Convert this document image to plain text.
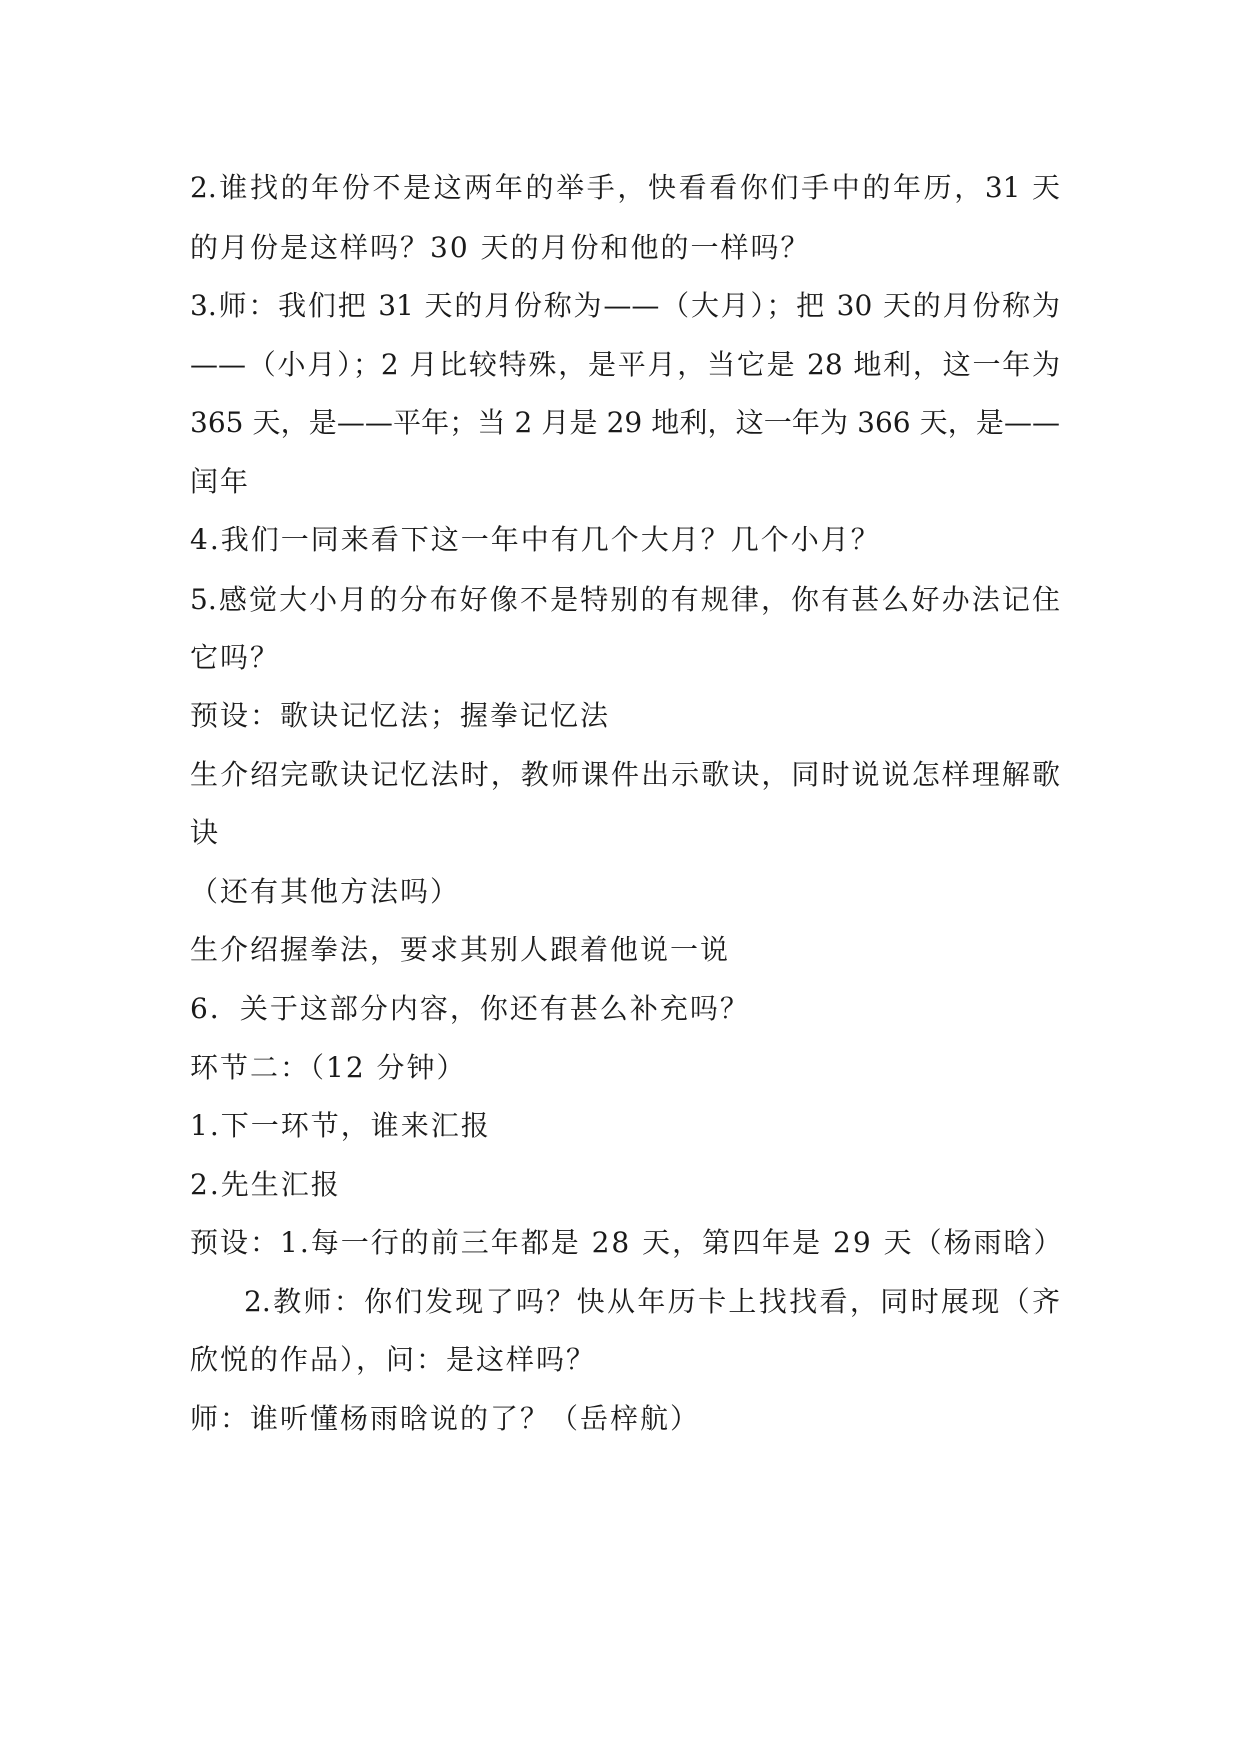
2.谁找的年份不是这两年的举手，快看看你们手中的年历，31 天
的月份是这样吗？30 天的月份和他的一样吗？
3.师：我们把 31 天的月份称为——（大月）；把 30 天的月份称为
——（小月）；2 月比较特殊，是平月，当它是 28 地利，这一年为
365 天，是——平年；当 2 月是 29 地利，这一年为 366 天，是——
闰年
4.我们一同来看下这一年中有几个大月？几个小月？
5.感觉大小月的分布好像不是特别的有规律，你有甚么好办法记住
它吗？
预设：歌诀记忆法；握拳记忆法
生介绍完歌诀记忆法时，教师课件出示歌诀，同时说说怎样理解歌
诀
（还有其他方法吗）
生介绍握拳法，要求其别人跟着他说一说
6．关于这部分内容，你还有甚么补充吗？
环节二：（12 分钟）
1.下一环节，谁来汇报
2.先生汇报
预设：1.每一行的前三年都是 28 天，第四年是 29 天（杨雨晗）
2.教师：你们发现了吗？快从年历卡上找找看，同时展现（齐
欣悦的作品），问：是这样吗？
师：谁听懂杨雨晗说的了？（岳梓航）
